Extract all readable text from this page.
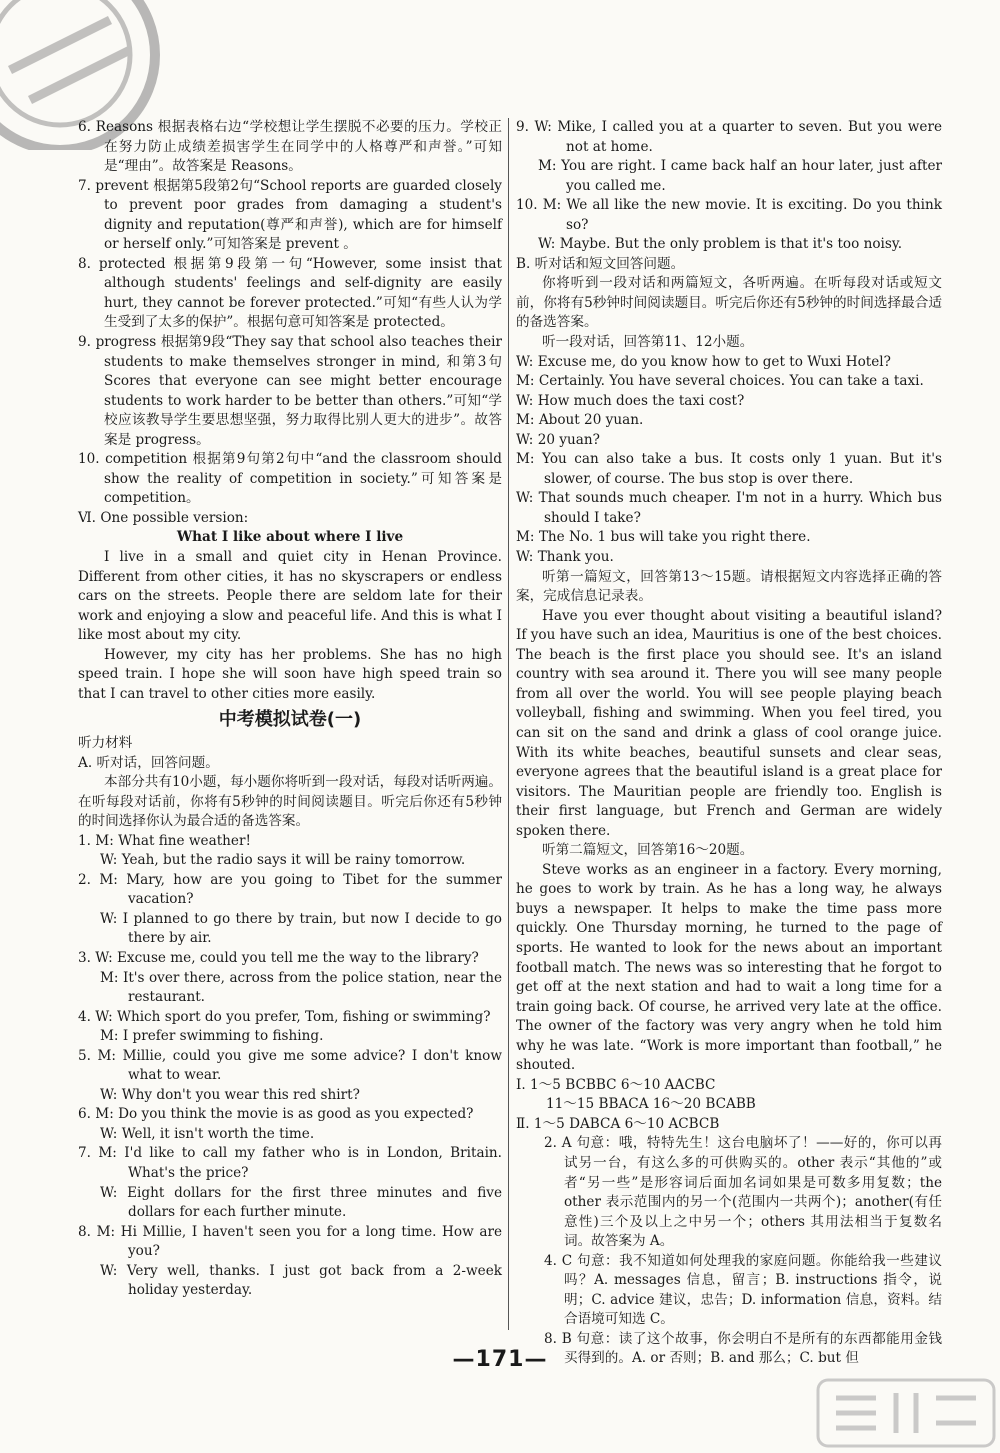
6. Reasons 根据表格右边“学校想让学生摆脱不必要的压力。学校正在努力防止成绩差损害学生在同学中的人格尊严和声誉。”可知是“理由”。故答案是 Reasons。
7. prevent 根据第5段第2句“School reports are guarded closely to prevent poor grades from damaging a student's dignity and reputation(尊严和声誉), which are for himself or herself only.”可知答案是 prevent 。
8. protected 根据第9段第一句“However, some insist that although students' feelings and self-dignity are easily hurt, they cannot be forever protected.”可知“有些人认为学生受到了太多的保护”。根据句意可知答案是 protected。
9. progress 根据第9段“They say that school also teaches their students to make themselves stronger in mind, 和第3句 Scores that everyone can see might better encourage students to work harder to be better than others.”可知“学校应该教导学生要思想坚强，努力取得比别人更大的进步”。故答案是 progress。
10. competition 根据第9句第2句中“and the classroom should show the reality of competition in society.”可知答案是 competition。
Ⅵ. One possible version:
What I like about where I live
I live in a small and quiet city in Henan Province. Different from other cities, it has no skyscrapers or endless cars on the streets. People there are seldom late for their work and enjoying a slow and peaceful life. And this is what I like most about my city.
However, my city has her problems. She has no high speed train. I hope she will soon have high speed train so that I can travel to other cities more easily.
中考模拟试卷(一)
听力材料
A. 听对话，回答问题。
本部分共有10小题，每小题你将听到一段对话，每段对话听两遍。在听每段对话前，你将有5秒钟的时间阅读题目。听完后你还有5秒钟的时间选择你认为最合适的备选答案。
1. M: What fine weather!
W: Yeah, but the radio says it will be rainy tomorrow.
2. M: Mary, how are you going to Tibet for the summer vacation?
W: I planned to go there by train, but now I decide to go there by air.
3. W: Excuse me, could you tell me the way to the library?
M: It's over there, across from the police station, near the restaurant.
4. W: Which sport do you prefer, Tom, fishing or swimming?
M: I prefer swimming to fishing.
5. M: Millie, could you give me some advice? I don't know what to wear.
W: Why don't you wear this red shirt?
6. M: Do you think the movie is as good as you expected?
W: Well, it isn't worth the time.
7. M: I'd like to call my father who is in London, Britain. What's the price?
W: Eight dollars for the first three minutes and five dollars for each further minute.
8. M: Hi Millie, I haven't seen you for a long time. How are you?
W: Very well, thanks. I just got back from a 2-week holiday yesterday.
9. W: Mike, I called you at a quarter to seven. But you were not at home.
M: You are right. I came back half an hour later, just after you called me.
10. M: We all like the new movie. It is exciting. Do you think so?
W: Maybe. But the only problem is that it's too noisy.
B. 听对话和短文回答问题。
你将听到一段对话和两篇短文，各听两遍。在听每段对话或短文前，你将有5秒钟时间阅读题目。听完后你还有5秒钟的时间选择最合适的备选答案。
听一段对话，回答第11、12小题。
W: Excuse me, do you know how to get to Wuxi Hotel?
M: Certainly. You have several choices. You can take a taxi.
W: How much does the taxi cost?
M: About 20 yuan.
W: 20 yuan?
M: You can also take a bus. It costs only 1 yuan. But it's slower, of course. The bus stop is over there.
W: That sounds much cheaper. I'm not in a hurry. Which bus should I take?
M: The No. 1 bus will take you right there.
W: Thank you.
听第一篇短文，回答第13～15题。请根据短文内容选择正确的答案，完成信息记录表。
Have you ever thought about visiting a beautiful island? If you have such an idea, Mauritius is one of the best choices. The beach is the first place you should see. It's an island country with sea around it. There you will see many people from all over the world. You will see people playing beach volleyball, fishing and swimming. When you feel tired, you can sit on the sand and drink a glass of cool orange juice. With its white beaches, beautiful sunsets and clear seas, everyone agrees that the beautiful island is a great place for visitors. The Mauritian people are friendly too. English is their first language, but French and German are widely spoken there.
听第二篇短文，回答第16～20题。
Steve works as an engineer in a factory. Every morning, he goes to work by train. As he has a long way, he always buys a newspaper. It helps to make the time pass more quickly. One Thursday morning, he turned to the page of sports. He wanted to look for the news about an important football match. The news was so interesting that he forgot to get off at the next station and had to wait a long time for a train going back. Of course, he arrived very late at the office. The owner of the factory was very angry when he told him why he was late. “Work is more important than football,” he shouted.
Ⅰ. 1～5 BCBBC 6～10 AACBC
11～15 BBACA 16～20 BCABB
Ⅱ. 1～5 DABCA 6～10 ACBCB
2. A 句意：哦，特特先生！这台电脑坏了！——好的，你可以再试另一台，有这么多的可供购买的。other 表示“其他的”或者“另一些”是形容词后面加名词如果是可数多用复数；the other 表示范围内的另一个(范围内一共两个)；another(有任意性)三个及以上之中另一个；others 其用法相当于复数名词。故答案为 A。
4. C 句意：我不知道如何处理我的家庭问题。你能给我一些建议吗？A. messages 信息，留言；B. instructions 指令，说明；C. advice 建议，忠告；D. information 信息，资料。结合语境可知选 C。
8. B 句意：读了这个故事，你会明白不是所有的东西都能用金钱买得到的。A. or 否则；B. and 那么；C. but 但
—171—
